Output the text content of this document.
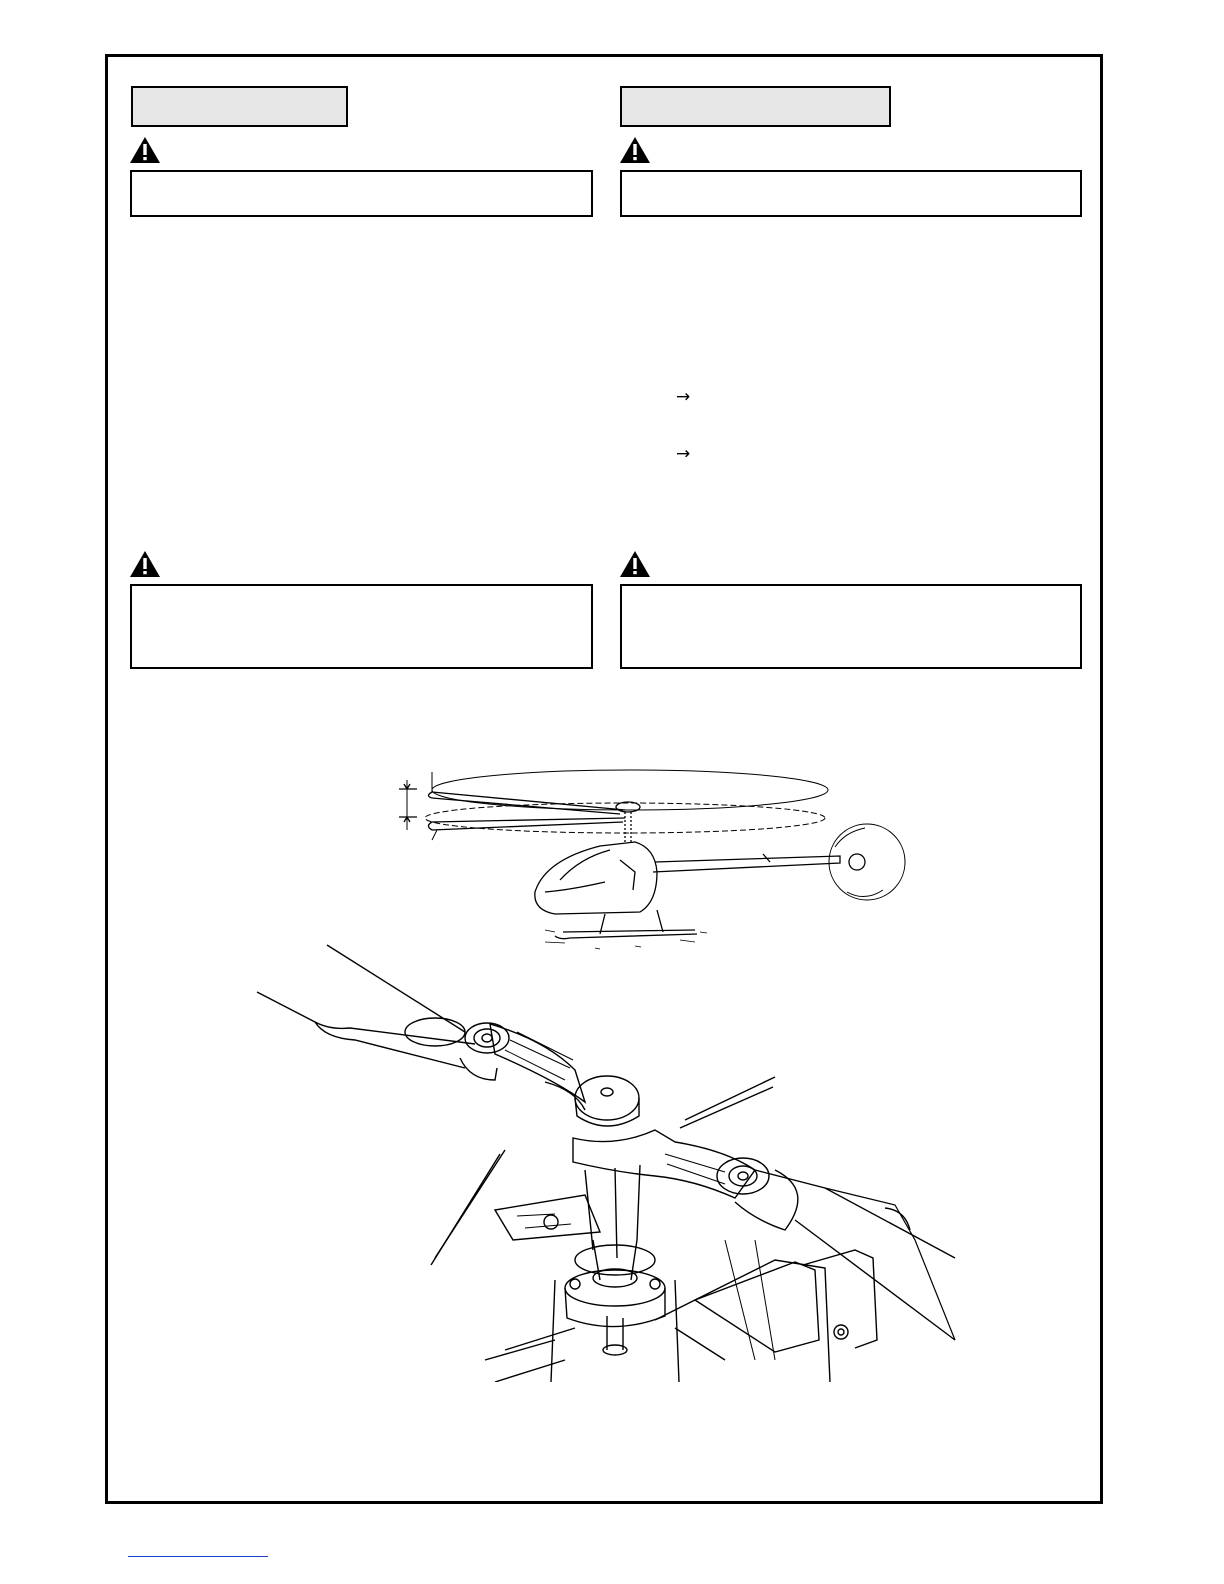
→
→
